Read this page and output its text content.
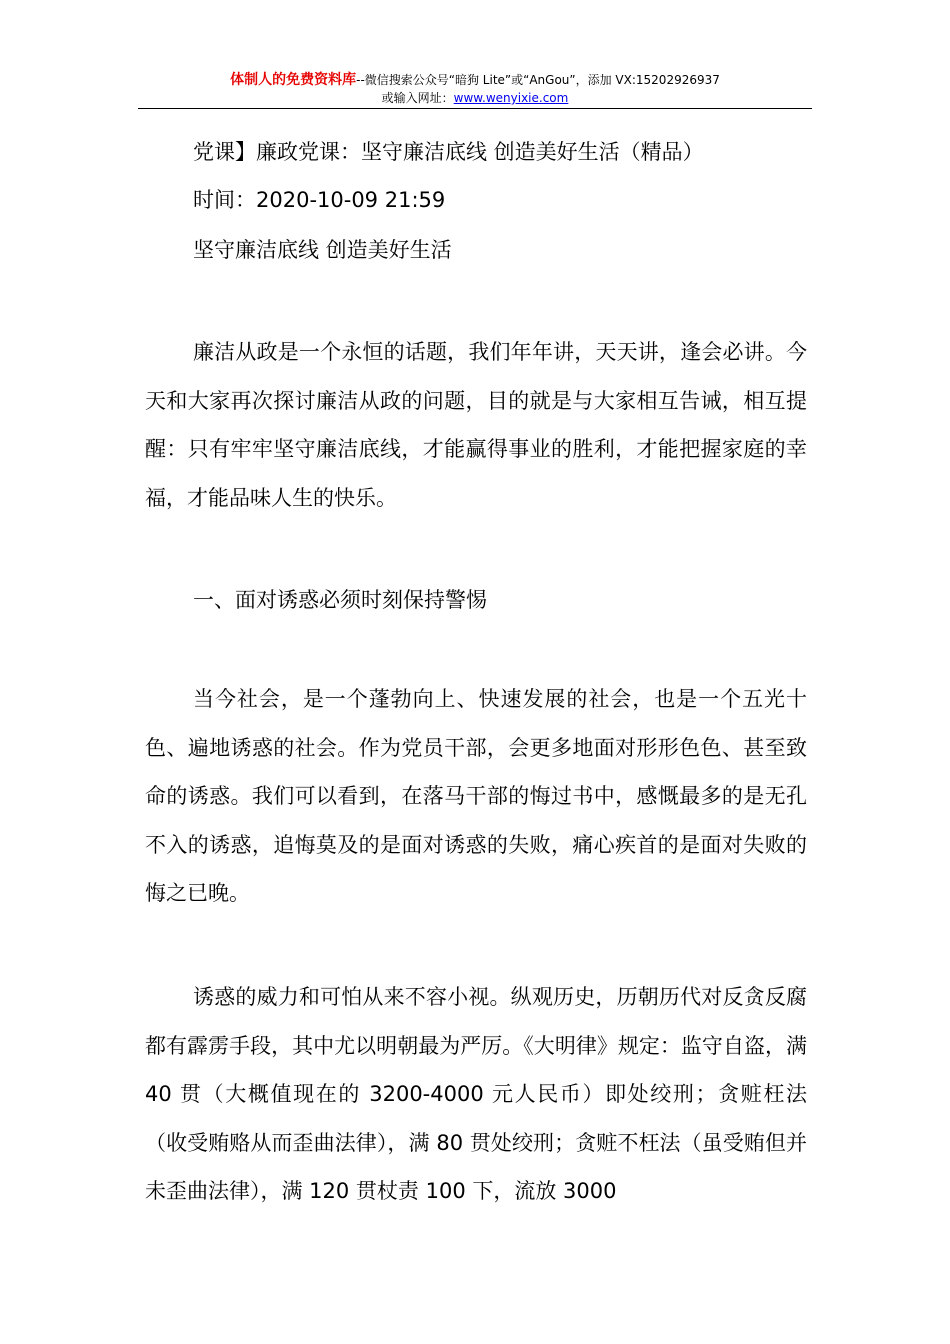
体制人的免费资料库--微信搜索公众号“暗狗 Lite”或“AnGou”，添加 VX:15202926937
或输入网址：www.wenyixie.com
党课】廉政党课：坚守廉洁底线 创造美好生活（精品）
时间：2020-10-09 21:59
坚守廉洁底线 创造美好生活

廉洁从政是一个永恒的话题，我们年年讲，天天讲，逢会必讲。今天和大家再次探讨廉洁从政的问题，目的就是与大家相互告诫，相互提醒：只有牢牢坚守廉洁底线，才能赢得事业的胜利，才能把握家庭的幸福，才能品味人生的快乐。

一、面对诱惑必须时刻保持警惕

当今社会，是一个蓬勃向上、快速发展的社会，也是一个五光十色、遍地诱惑的社会。作为党员干部，会更多地面对形形色色、甚至致命的诱惑。我们可以看到，在落马干部的悔过书中，感慨最多的是无孔不入的诱惑，追悔莫及的是面对诱惑的失败，痛心疾首的是面对失败的悔之已晚。

诱惑的威力和可怕从来不容小视。纵观历史，历朝历代对反贪反腐都有霹雳手段，其中尤以明朝最为严厉。《大明律》规定：监守自盗，满 40 贯（大概值现在的 3200-4000 元人民币）即处绞刑；贪赃枉法（收受贿赂从而歪曲法律），满 80 贯处绞刑；贪赃不枉法（虽受贿但并未歪曲法律），满 120 贯杖责 100 下，流放 3000
